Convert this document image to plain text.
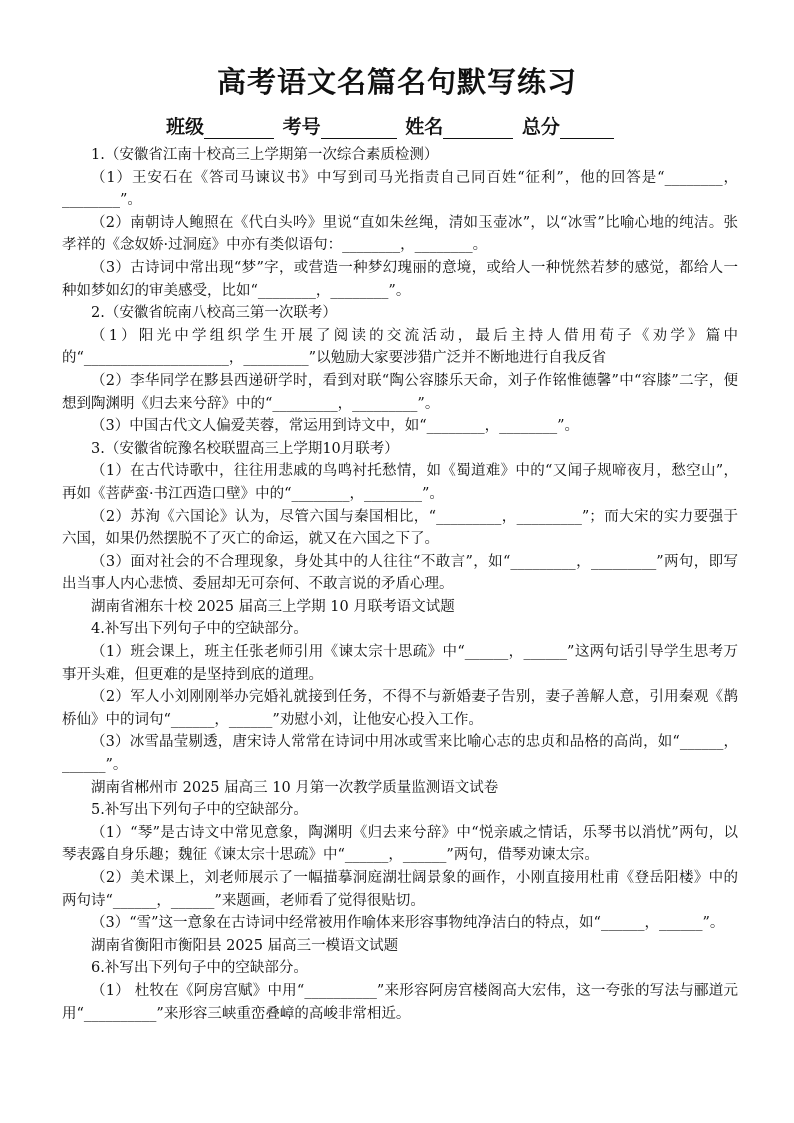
高考语文名篇名句默写练习
班级	考号	姓名	总分

1.（安徽省江南十校高三上学期第一次综合素质检测）

（1）王安石在《答司马谏议书》中写到司马光指责自己同百姓“征利”，他的回答是“________，________”。

（2）南朝诗人鲍照在《代白头吟》里说“直如朱丝绳，清如玉壶冰”，以“冰雪”比喻心地的纯洁。张孝祥的《念奴娇·过洞庭》中亦有类似语句：________，________。

（3）古诗词中常出现“梦”字，或营造一种梦幻瑰丽的意境，或给人一种恍然若梦的感觉，都给人一种如梦如幻的审美感受，比如“________，________”。

2.（安徽省皖南八校高三第一次联考）

（1）阳光中学组织学生开展了阅读的交流活动，最后主持人借用荀子《劝学》篇中的“____________________，_________”以勉励大家要涉猎广泛并不断地进行自我反省

（2）李华同学在黟县西递研学时，看到对联“陶公容膝乐天命，刘子作铭惟德馨”中“容膝”二字，便想到陶渊明《归去来兮辞》中的“_________，_________”。

（3）中国古代文人偏爱芙蓉，常运用到诗文中，如“________，________”。

3.（安徽省皖豫名校联盟高三上学期10月联考）

（1）在古代诗歌中，往往用悲戚的鸟鸣衬托愁情，如《蜀道难》中的“又闻子规啼夜月，愁空山”，再如《菩萨蛮·书江西造口壁》中的“________，________”。

（2）苏洵《六国论》认为，尽管六国与秦国相比，“_________，_________”；而大宋的实力要强于六国，如果仍然摆脱不了灭亡的命运，就又在六国之下了。

（3）面对社会的不合理现象，身处其中的人往往“不敢言”，如“_________，_________”两句，即写出当事人内心悲愤、委屈却无可奈何、不敢言说的矛盾心理。

湖南省湘东十校 2025 届高三上学期 10 月联考语文试题

4.补写出下列句子中的空缺部分。

（1）班会课上，班主任张老师引用《谏太宗十思疏》中“______，______”这两句话引导学生思考万事开头难，但更难的是坚持到底的道理。

（2）军人小刘刚刚举办完婚礼就接到任务，不得不与新婚妻子告别，妻子善解人意，引用秦观《鹊桥仙》中的词句“______，______”劝慰小刘，让他安心投入工作。

（3）冰雪晶莹剔透，唐宋诗人常常在诗词中用冰或雪来比喻心志的忠贞和品格的高尚，如“______，______”。

湖南省郴州市 2025 届高三 10 月第一次教学质量监测语文试卷

5.补写出下列句子中的空缺部分。

（1）“琴”是古诗文中常见意象，陶渊明《归去来兮辞》中“悦亲戚之情话，乐琴书以消忧”两句，以琴表露自身乐趣；魏征《谏太宗十思疏》中“______，______”两句，借琴劝谏太宗。

（2）美术课上，刘老师展示了一幅描摹洞庭湖壮阔景象的画作，小刚直接用杜甫《登岳阳楼》中的两句诗“______，______”来题画，老师看了觉得很贴切。

（3）“雪”这一意象在古诗词中经常被用作喻体来形容事物纯净洁白的特点，如“______，______”。

湖南省衡阳市衡阳县 2025 届高三一模语文试题

6.补写出下列句子中的空缺部分。

（1） 杜牧在《阿房宫赋》中用“__________”来形容阿房宫楼阁高大宏伟，这一夸张的写法与郦道元用“__________”来形容三峡重峦叠嶂的高峻非常相近。
